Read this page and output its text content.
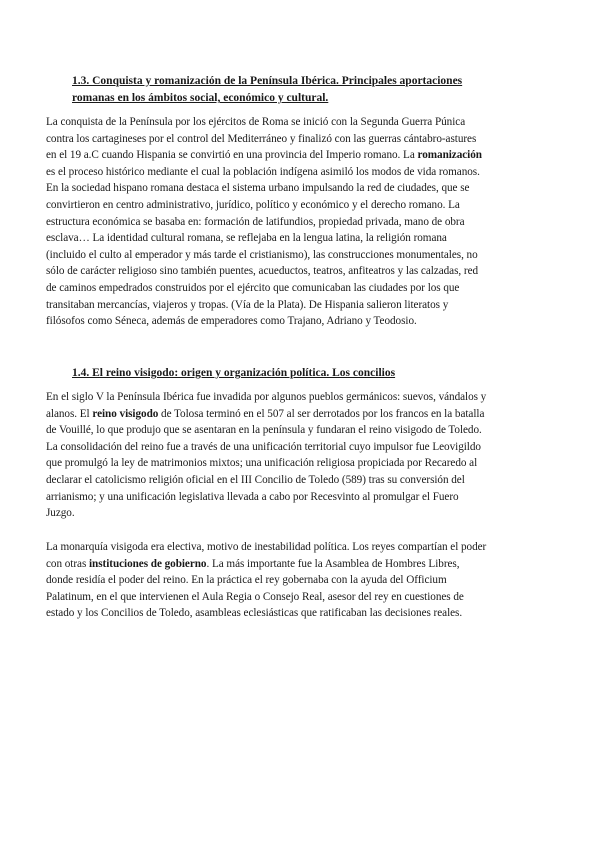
1.3. Conquista y romanización de la Península Ibérica. Principales aportaciones
romanas en los ámbitos social, económico y cultural.

La conquista de la Península por los ejércitos de Roma se inició con la Segunda Guerra Púnica
contra los cartagineses por el control del Mediterráneo y finalizó con las guerras cántabro-astures
en el 19 a.C cuando Hispania se convirtió en una provincia del Imperio romano. La romanización
es el proceso histórico mediante el cual la población indígena asimiló los modos de vida romanos.
En la sociedad hispano romana destaca el sistema urbano impulsando la red de ciudades, que se
convirtieron en centro administrativo, jurídico, político y económico y el derecho romano. La
estructura económica se basaba en: formación de latifundios, propiedad privada, mano de obra
esclava… La identidad cultural romana, se reflejaba en la lengua latina, la religión romana
(incluido el culto al emperador y más tarde el cristianismo), las construcciones monumentales, no
sólo de carácter religioso sino también puentes, acueductos, teatros, anfiteatros y las calzadas, red
de caminos empedrados construidos por el ejército que comunicaban las ciudades por los que
transitaban mercancías, viajeros y tropas. (Vía de la Plata). De Hispania salieron literatos y
filósofos como Séneca, además de emperadores como Trajano, Adriano y Teodosio.

1.4. El reino visigodo: origen y organización política. Los concilios

En el siglo V la Península Ibérica fue invadida por algunos pueblos germánicos: suevos, vándalos y
alanos. El reino visigodo de Tolosa terminó en el 507 al ser derrotados por los francos en la batalla
de Vouillé, lo que produjo que se asentaran en la península y fundaran el reino visigodo de Toledo.
La consolidación del reino fue a través de una unificación territorial cuyo impulsor fue Leovigildo
que promulgó la ley de matrimonios mixtos; una unificación religiosa propiciada por Recaredo al
declarar el catolicismo religión oficial en el III Concilio de Toledo (589) tras su conversión del
arrianismo; y una unificación legislativa llevada a cabo por Recesvinto al promulgar el Fuero
Juzgo.

La monarquía visigoda era electiva, motivo de inestabilidad política. Los reyes compartían el poder
con otras instituciones de gobierno. La más importante fue la Asamblea de Hombres Libres,
donde residía el poder del reino. En la práctica el rey gobernaba con la ayuda del Officium
Palatinum, en el que intervienen el Aula Regia o Consejo Real, asesor del rey en cuestiones de
estado y los Concilios de Toledo, asambleas eclesiásticas que ratificaban las decisiones reales.
